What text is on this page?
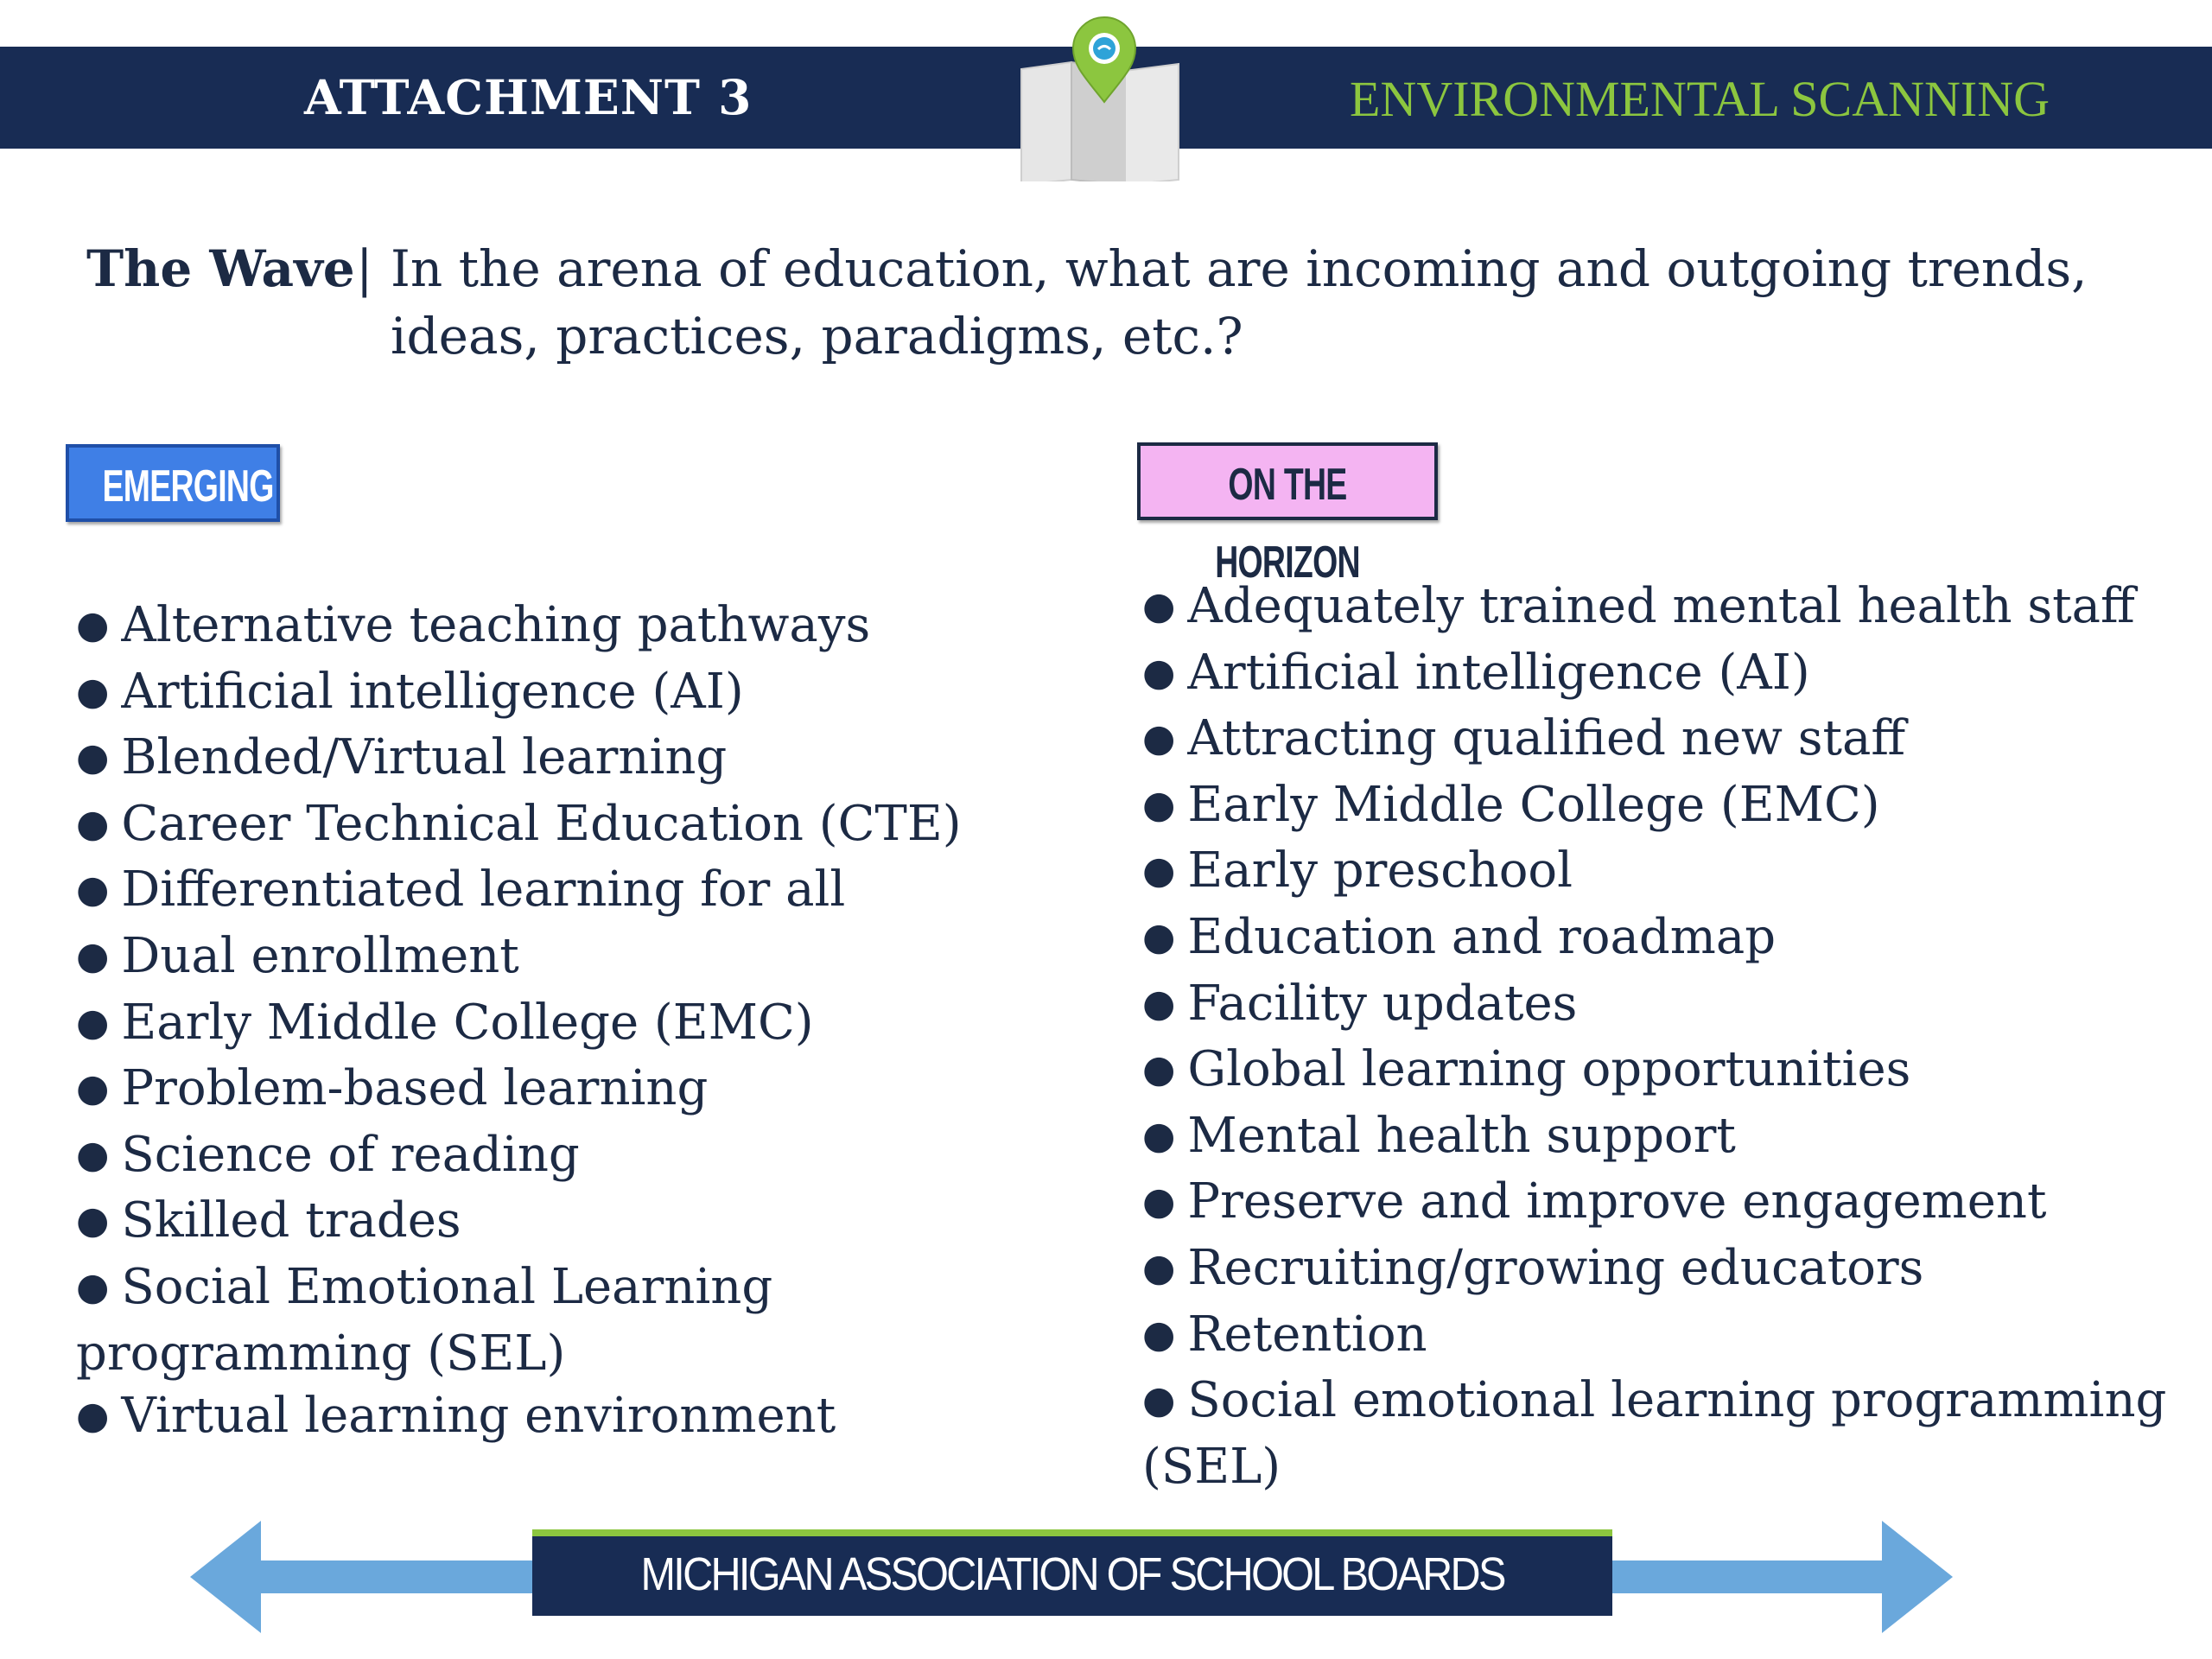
ATTACHMENT 3	ENVIRONMENTAL SCANNING
The Wave | In the arena of education, what are incoming and outgoing trends, ideas, practices, paradigms, etc.?
EMERGING	ON THE HORIZON
● Alternative teaching pathways
● Artificial intelligence (AI)
● Blended/Virtual learning
● Career Technical Education (CTE)
● Differentiated learning for all
● Dual enrollment
● Early Middle College (EMC)
● Problem-based learning
● Science of reading
● Skilled trades
● Social Emotional Learning programming (SEL)
● Virtual learning environment
● Adequately trained mental health staff
● Artificial intelligence (AI)
● Attracting qualified new staff
● Early Middle College (EMC)
● Early preschool
● Education and roadmap
● Facility updates
● Global learning opportunities
● Mental health support
● Preserve and improve engagement
● Recruiting/growing educators
● Retention
● Social emotional learning programming (SEL)
MICHIGAN ASSOCIATION OF SCHOOL BOARDS
